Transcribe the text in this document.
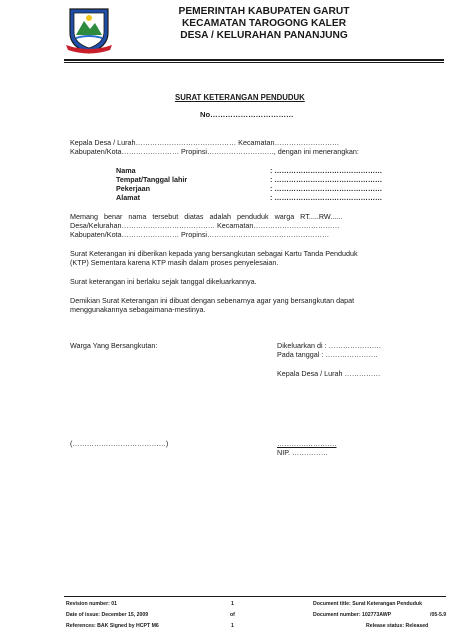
PEMERINTAH KABUPATEN GARUT
KECAMATAN TAROGONG KALER
DESA / KELURAHAN PANANJUNG
SURAT KETERANGAN PENDUDUK
No……………………………
Kepala Desa / Lurah…………………………………… Kecamatan………………………
Kabupaten/Kota…………………… Propinsi………………………., dengan ini menerangkan:
Nama	: ………………………………………
Tempat/Tanggal lahir	: ………………………………………
Pekerjaan	: ………………………………………
Alamat	: ………………………………………
Memang benar nama tersebut diatas adalah penduduk warga RT.....RW......
Desa/Kelurahan………………………………… Kecamatan………………………………
Kabupaten/Kota…………………… Propinsi……………………………………………
Surat Keterangan ini diberikan kepada yang bersangkutan sebagai Kartu Tanda Penduduk
(KTP) Sementara karena KTP masih dalam proses penyelesaian.
Surat keterangan ini berlaku sejak tanggal dikeluarkannya.
Demikian Surat Keterangan ini dibuat dengan sebenarnya agar yang bersangkutan dapat
menggunakannya sebagaimana-mestinya.
Warga Yang Bersangkutan:	Dikeluarkan di : ………………….
Pada tanggal : ………………….
Kepala Desa / Lurah ……………
(…………………………………)	…………………….
NIP. ……………
Revision number: 01	1	Document title: Surat Keterangan Penduduk
Date of issue: December 15, 2009	of	Document number: 102773AWP	/05-5.9
References: BAK Signed by HCPT M6	1	Release status: Released
